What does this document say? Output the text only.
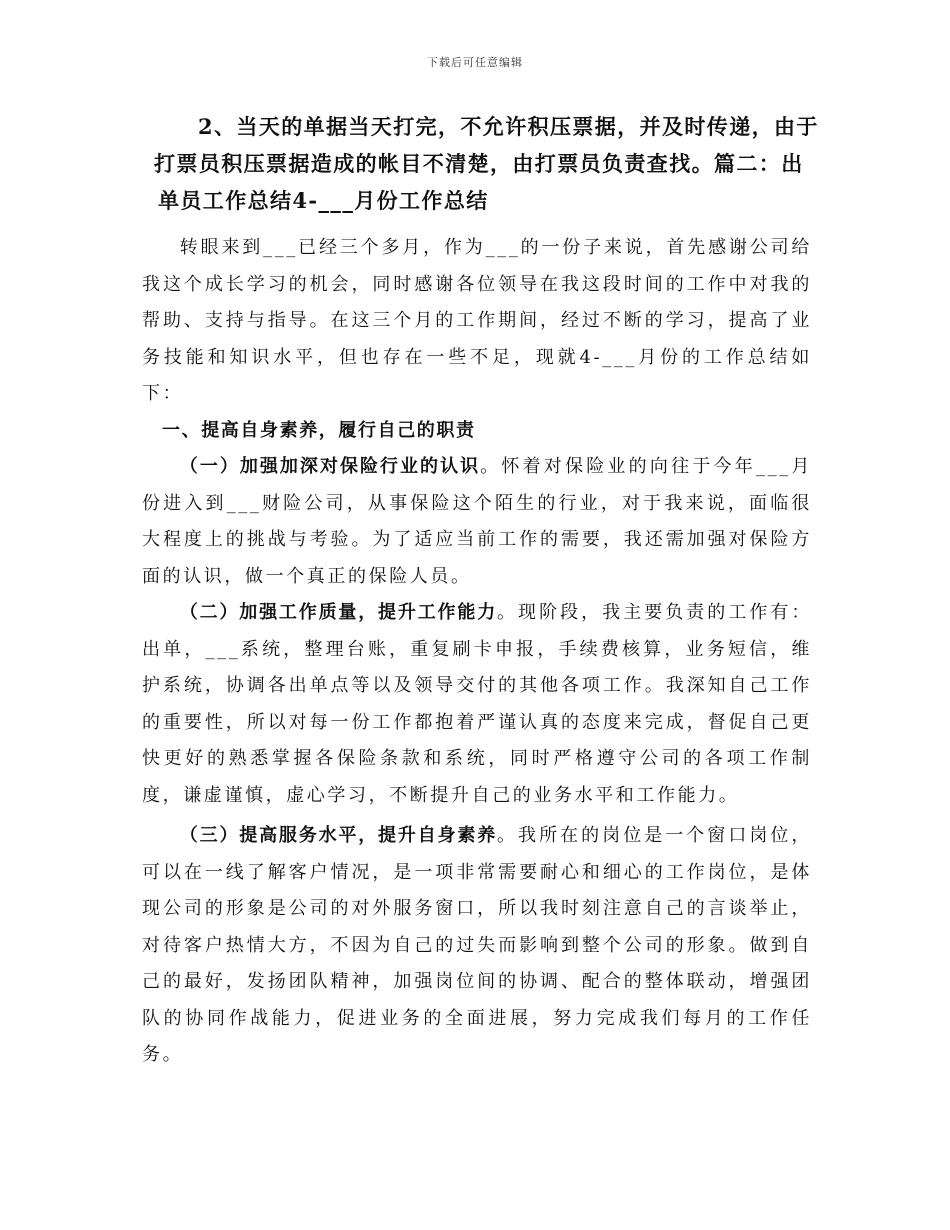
下载后可任意编辑
2、当天的单据当天打完，不允许积压票据，并及时传递，由于
打票员积压票据造成的帐目不清楚，由打票员负责查找。篇二：出
单员工作总结4-___月份工作总结

转眼来到___已经三个多月，作为___的一份子来说，首先感谢公司给我这个成长学习的机会，同时感谢各位领导在我这段时间的工作中对我的帮助、支持与指导。在这三个月的工作期间，经过不断的学习，提高了业务技能和知识水平，但也存在一些不足，现就4-___月份的工作总结如下：

一、提高自身素养，履行自己的职责

（一）加强加深对保险行业的认识。怀着对保险业的向往于今年___月份进入到___财险公司，从事保险这个陌生的行业，对于我来说，面临很大程度上的挑战与考验。为了适应当前工作的需要，我还需加强对保险方面的认识，做一个真正的保险人员。

（二）加强工作质量，提升工作能力。现阶段，我主要负责的工作有：出单，___系统，整理台账，重复刷卡申报，手续费核算，业务短信，维护系统，协调各出单点等以及领导交付的其他各项工作。我深知自己工作的重要性，所以对每一份工作都抱着严谨认真的态度来完成，督促自己更快更好的熟悉掌握各保险条款和系统，同时严格遵守公司的各项工作制度，谦虚谨慎，虚心学习，不断提升自己的业务水平和工作能力。

（三）提高服务水平，提升自身素养。我所在的岗位是一个窗口岗位，可以在一线了解客户情况，是一项非常需要耐心和细心的工作岗位，是体现公司的形象是公司的对外服务窗口，所以我时刻注意自己的言谈举止，对待客户热情大方，不因为自己的过失而影响到整个公司的形象。做到自己的最好，发扬团队精神，加强岗位间的协调、配合的整体联动，增强团队的协同作战能力，促进业务的全面进展，努力完成我们每月的工作任务。
